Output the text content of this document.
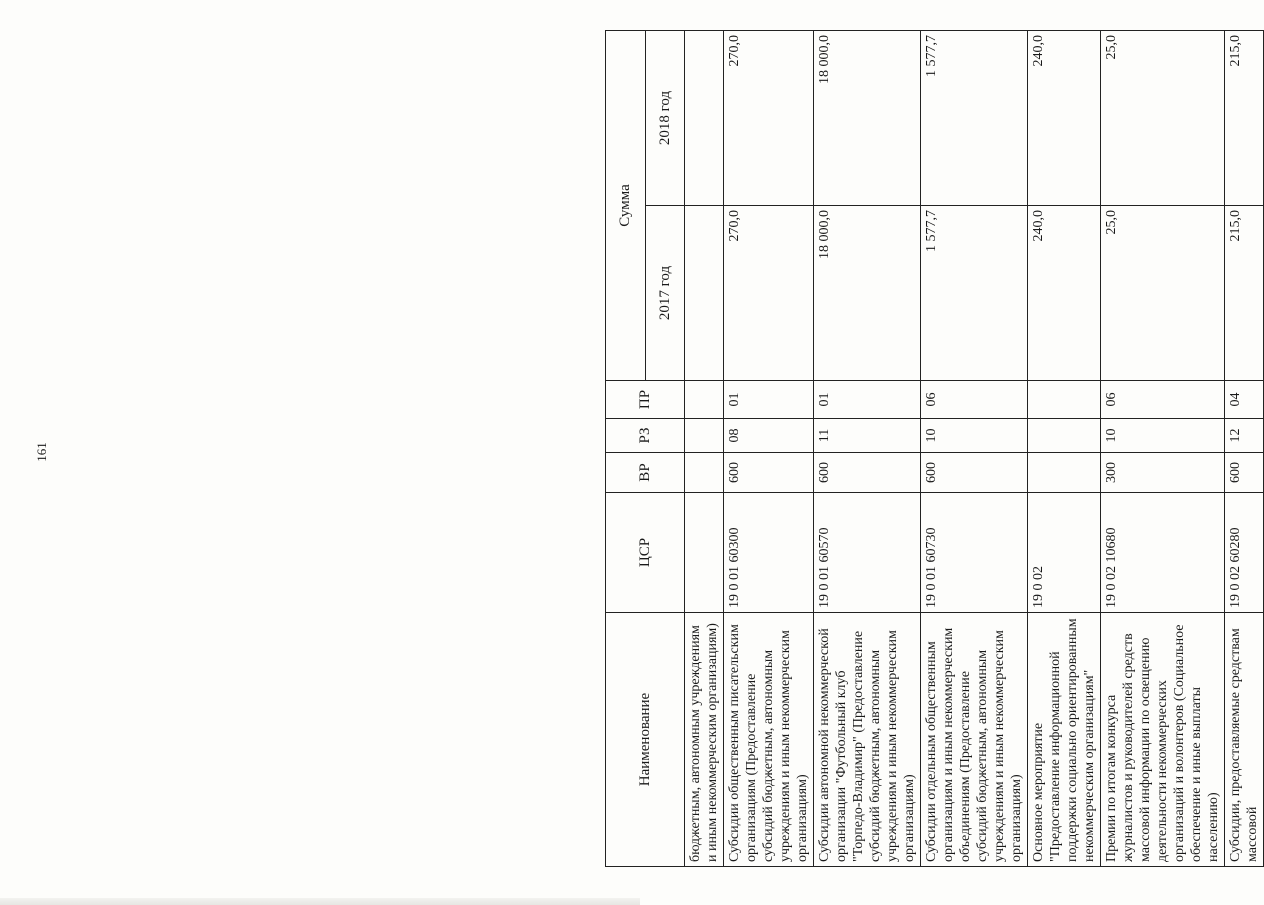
161
Наименование	ЦСР	ВР	РЗ	ПР	Сумма	
					2017 год	2018 год
бюджетным, автономным учреждениям и иным некоммерческим организациям)						
Субсидии общественным писательским организациям (Предоставление субсидий бюджетным, автономным учреждениям и иным некоммерческим организациям)	19 0 01 60300	600	08	01	270,0	270,0
Субсидии автономной некоммерческой организации "Футбольный клуб "Торпедо-Владимир" (Предоставление субсидий бюджетным, автономным учреждениям и иным некоммерческим организациям)	19 0 01 60570	600	11	01	18 000,0	18 000,0
Субсидии отдельным общественным организациям и иным некоммерческим объединениям (Предоставление субсидий бюджетным, автономным учреждениям и иным некоммерческим организациям)	19 0 01 60730	600	10	06	1 577,7	1 577,7
Основное мероприятие "Предоставление информационной поддержки социально ориентированным некоммерческим организациям"	19 0 02				240,0	240,0
Премии по итогам конкурса журналистов и руководителей средств массовой информации по освещению деятельности некоммерческих организаций и волонтеров (Социальное обеспечение и иные выплаты населению)	19 0 02 10680	300	10	06	25,0	25,0
Субсидии, предоставляемые средствам массовой	19 0 02 60280	600	12	04	215,0	215,0
